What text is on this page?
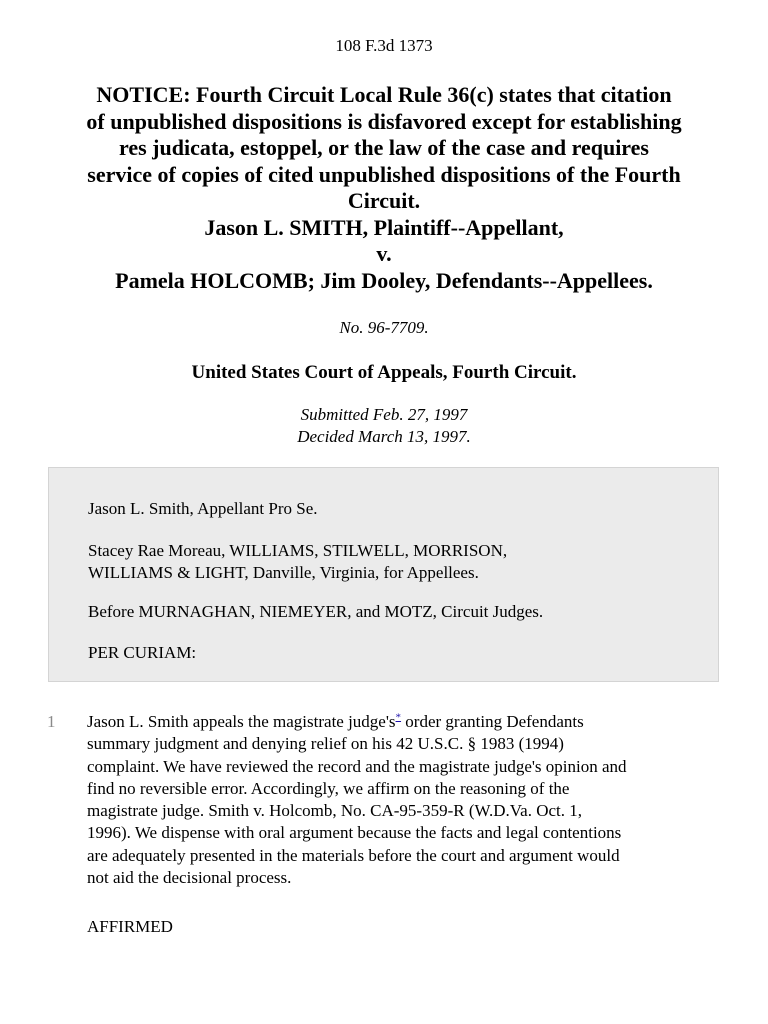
108 F.3d 1373
NOTICE: Fourth Circuit Local Rule 36(c) states that citation
of unpublished dispositions is disfavored except for establishing
res judicata, estoppel, or the law of the case and requires
service of copies of cited unpublished dispositions of the Fourth
Circuit.
Jason L. SMITH, Plaintiff--Appellant,
v.
Pamela HOLCOMB; Jim Dooley, Defendants--Appellees.
No. 96-7709.
United States Court of Appeals, Fourth Circuit.
Submitted Feb. 27, 1997
Decided March 13, 1997.
Jason L. Smith, Appellant Pro Se.
Stacey Rae Moreau, WILLIAMS, STILWELL, MORRISON,
WILLIAMS & LIGHT, Danville, Virginia, for Appellees.
Before MURNAGHAN, NIEMEYER, and MOTZ, Circuit Judges.
PER CURIAM:
1 Jason L. Smith appeals the magistrate judge's* order granting Defendants
summary judgment and denying relief on his 42 U.S.C. § 1983 (1994)
complaint. We have reviewed the record and the magistrate judge's opinion and
find no reversible error. Accordingly, we affirm on the reasoning of the
magistrate judge. Smith v. Holcomb, No. CA-95-359-R (W.D.Va. Oct. 1,
1996). We dispense with oral argument because the facts and legal contentions
are adequately presented in the materials before the court and argument would
not aid the decisional process.
AFFIRMED
